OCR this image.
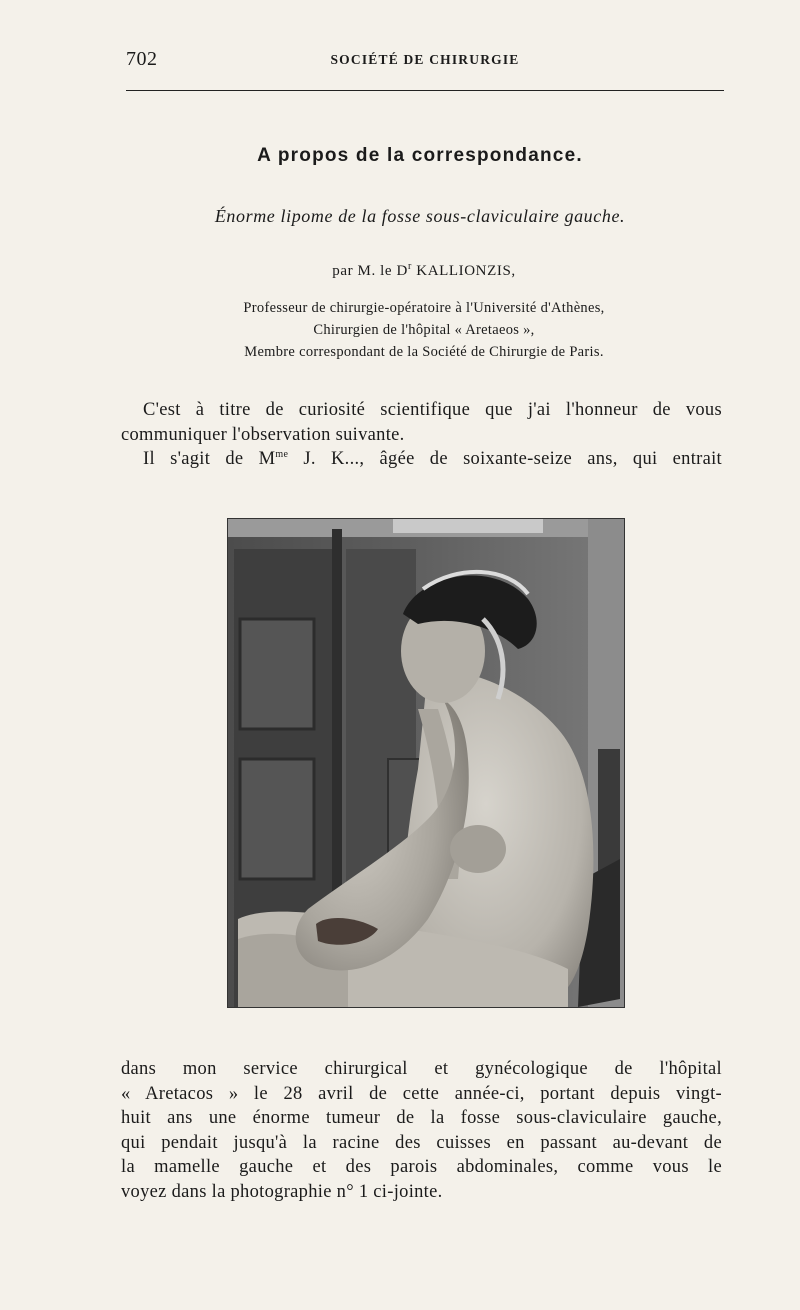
702	SOCIÉTÉ DE CHIRURGIE
A propos de la correspondance.
Énorme lipome de la fosse sous-claviculaire gauche.
par M. le $D^r$ KALLIONZIS,
Professeur de chirurgie-opératoire à l'Université d'Athènes,
Chirurgien de l'hôpital « Aretaeos »,
Membre correspondant de la Société de Chirurgie de Paris.
C'est à titre de curiosité scientifique que j'ai l'honneur de vous
communiquer l'observation suivante.
Il s'agit de $M^{me}$ J. K..., âgée de soixante-seize ans, qui entrait
dans mon service chirurgical et gynécologique de l'hôpital
« Aretacos » le 28 avril de cette année-ci, portant depuis vingt-
huit ans une énorme tumeur de la fosse sous-claviculaire gauche,
qui pendait jusqu'à la racine des cuisses en passant au-devant de
la mamelle gauche et des parois abdominales, comme vous le
voyez dans la photographie n° 1 ci-jointe.
